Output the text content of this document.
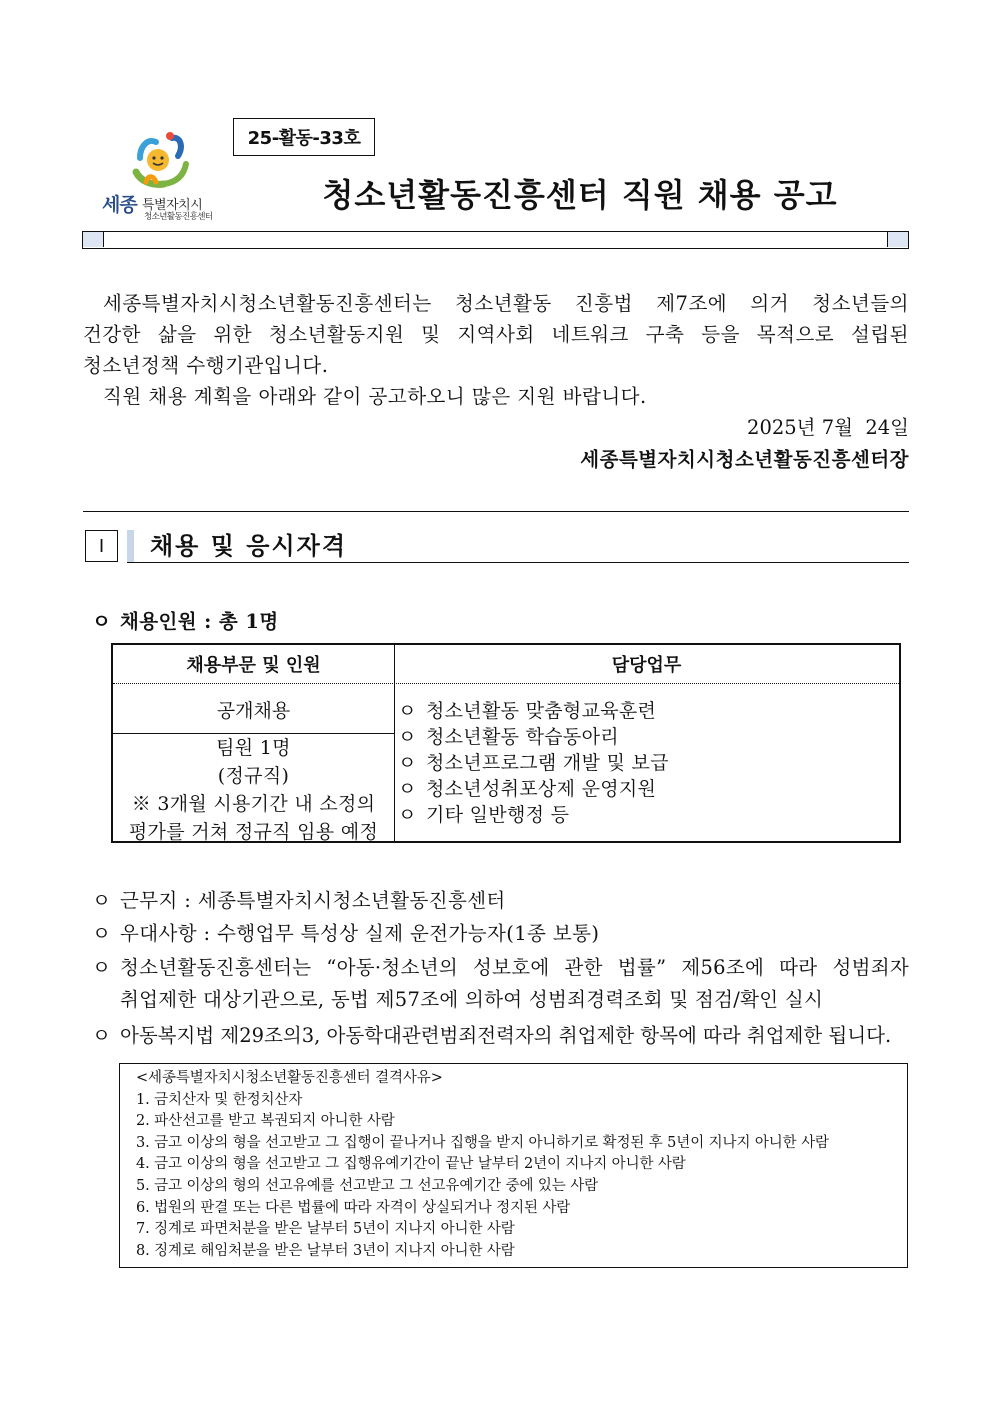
25-활동-33호
세종 특별자치시
청소년활동진흥센터
청소년활동진흥센터 직원 채용 공고
세종특별자치시청소년활동진흥센터는 청소년활동 진흥법 제7조에 의거 청소년들의
건강한 삶을 위한 청소년활동지원 및 지역사회 네트워크 구축 등을 목적으로 설립된
청소년정책 수행기관입니다.
직원 채용 계획을 아래와 같이 공고하오니 많은 지원 바랍니다.
2025년 7월  24일
세종특별자치시청소년활동진흥센터장
Ⅰ	채용 및 응시자격
ㅇ 채용인원 : 총 1명
채용부문 및 인원	담당업무
공개채용
팀원 1명
(정규직)
※ 3개월 시용기간 내 소정의
평가를 거쳐 정규직 임용 예정
ㅇ 청소년활동 맞춤형교육훈련
ㅇ 청소년활동 학습동아리
ㅇ 청소년프로그램 개발 및 보급
ㅇ 청소년성취포상제 운영지원
ㅇ 기타 일반행정 등
ㅇ 근무지 : 세종특별자치시청소년활동진흥센터
ㅇ 우대사항 : 수행업무 특성상 실제 운전가능자(1종 보통)
ㅇ 청소년활동진흥센터는 “아동·청소년의 성보호에 관한 법률” 제56조에 따라 성범죄자
취업제한 대상기관으로, 동법 제57조에 의하여 성범죄경력조회 및 점검/확인 실시
ㅇ 아동복지법 제29조의3, 아동학대관련범죄전력자의 취업제한 항목에 따라 취업제한 됩니다.
<세종특별자치시청소년활동진흥센터 결격사유>
1. 금치산자 및 한정치산자
2. 파산선고를 받고 복권되지 아니한 사람
3. 금고 이상의 형을 선고받고 그 집행이 끝나거나 집행을 받지 아니하기로 확정된 후 5년이 지나지 아니한 사람
4. 금고 이상의 형을 선고받고 그 집행유예기간이 끝난 날부터 2년이 지나지 아니한 사람
5. 금고 이상의 형의 선고유예를 선고받고 그 선고유예기간 중에 있는 사람
6. 법원의 판결 또는 다른 법률에 따라 자격이 상실되거나 정지된 사람
7. 징계로 파면처분을 받은 날부터 5년이 지나지 아니한 사람
8. 징계로 해임처분을 받은 날부터 3년이 지나지 아니한 사람
